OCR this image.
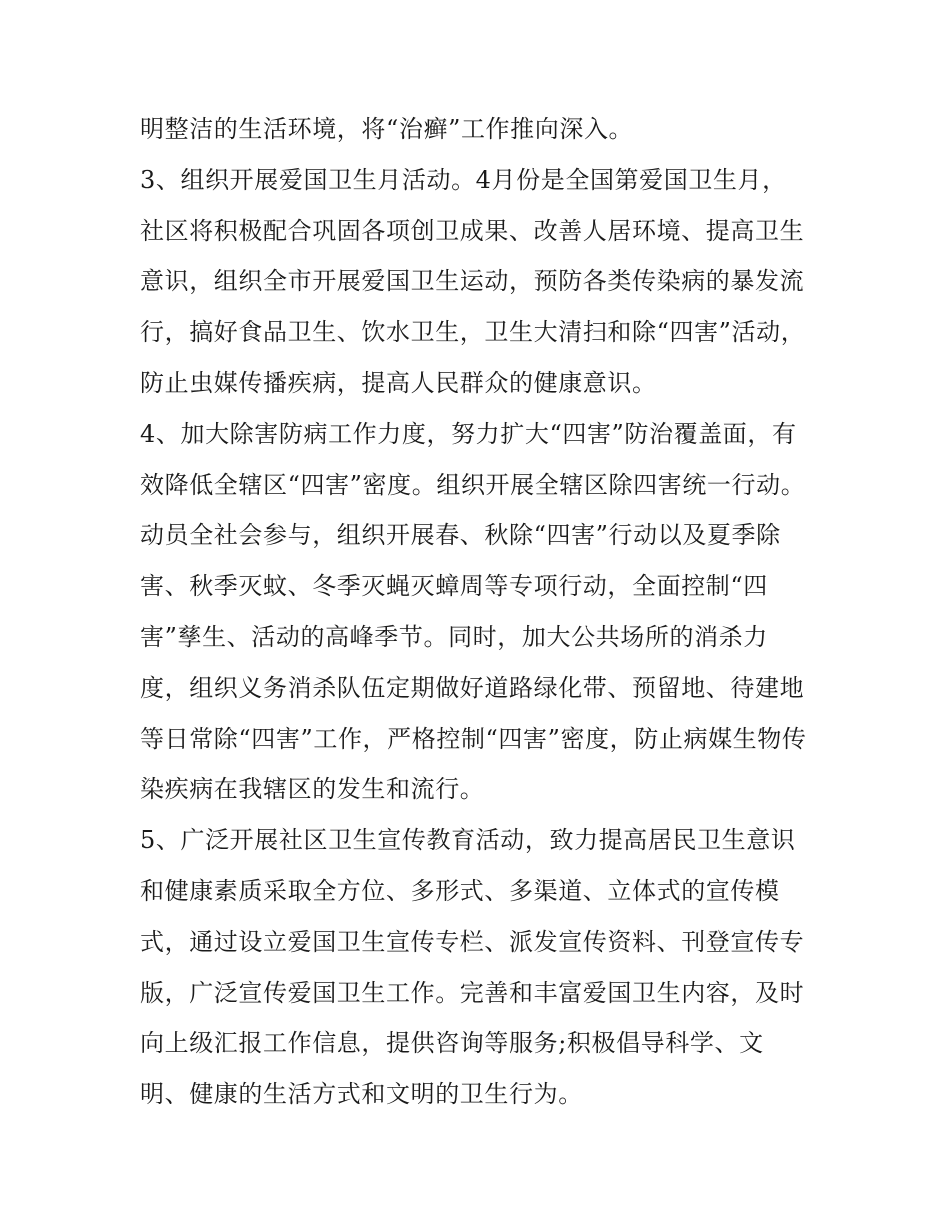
明整洁的生活环境，将“治癣”工作推向深入。
3、组织开展爱国卫生月活动。4月份是全国第爱国卫生月，
社区将积极配合巩固各项创卫成果、改善人居环境、提高卫生
意识，组织全市开展爱国卫生运动，预防各类传染病的暴发流
行，搞好食品卫生、饮水卫生，卫生大清扫和除“四害”活动，
防止虫媒传播疾病，提高人民群众的健康意识。
4、加大除害防病工作力度，努力扩大“四害”防治覆盖面，有
效降低全辖区“四害”密度。组织开展全辖区除四害统一行动。
动员全社会参与，组织开展春、秋除“四害”行动以及夏季除
害、秋季灭蚊、冬季灭蝇灭蟑周等专项行动，全面控制“四
害”孳生、活动的高峰季节。同时，加大公共场所的消杀力
度，组织义务消杀队伍定期做好道路绿化带、预留地、待建地
等日常除“四害”工作，严格控制“四害”密度，防止病媒生物传
染疾病在我辖区的发生和流行。
5、广泛开展社区卫生宣传教育活动，致力提高居民卫生意识
和健康素质采取全方位、多形式、多渠道、立体式的宣传模
式，通过设立爱国卫生宣传专栏、派发宣传资料、刊登宣传专
版，广泛宣传爱国卫生工作。完善和丰富爱国卫生内容，及时
向上级汇报工作信息，提供咨询等服务;积极倡导科学、文
明、健康的生活方式和文明的卫生行为。
